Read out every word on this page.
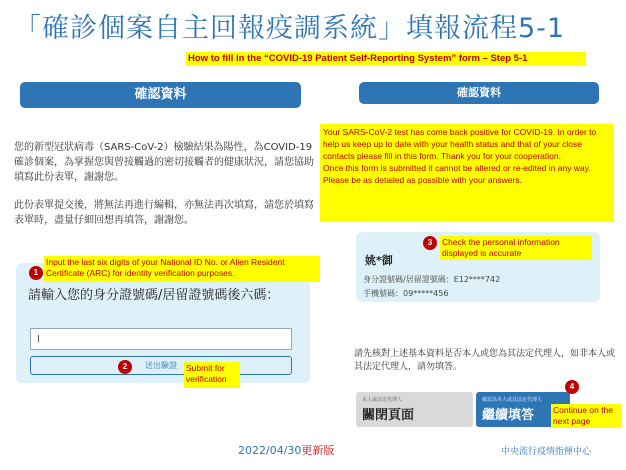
「確診個案自主回報疫調系統」填報流程5-1
How to fill in the “COVID-19 Patient Self-Reporting System” form – Step 5-1
確認資料
您的新型冠狀病毒（SARS-CoV-2）檢驗結果為陽性，為COVID-19確診個案，為掌握您與曾接觸過的密切接觸者的健康狀況，請您協助填寫此份表單，謝謝您。
此份表單提交後，將無法再進行編輯，亦無法再次填寫，請您於填寫表單時，盡量仔細回想再填答，謝謝您。
請輸入您的身分證號碼/居留證號碼後六碼：
I
送出驗證
Input the last six digits of your National ID No. or Alien Resident Certificate (ARC) for identity verification purposes.
Submit for verification
1
2
確認資料
Your SARS-CoV-2 test has come back positive for COVID-19. In order to help us keep up to date with your health status and that of your close contacts please fill in this form. Thank you for your cooperation.
Once this form is submitted it cannot be altered or re-edited in any way.
Please be as detailed as possible with your answers.
姚*御
身分證號碼/居留證號碼：E12****742
手機號碼：09*****456
Check the personal information displayed is accurate
3
請先核對上述基本資料是否本人或您為其法定代理人，如非本人或其法定代理人，請勿填答。
本人或法定代理人
關閉頁面
確認為本人或其法定代理人
繼續填答
4
Continue on the next page
2022/04/30更新版	中央流行疫情指揮中心
